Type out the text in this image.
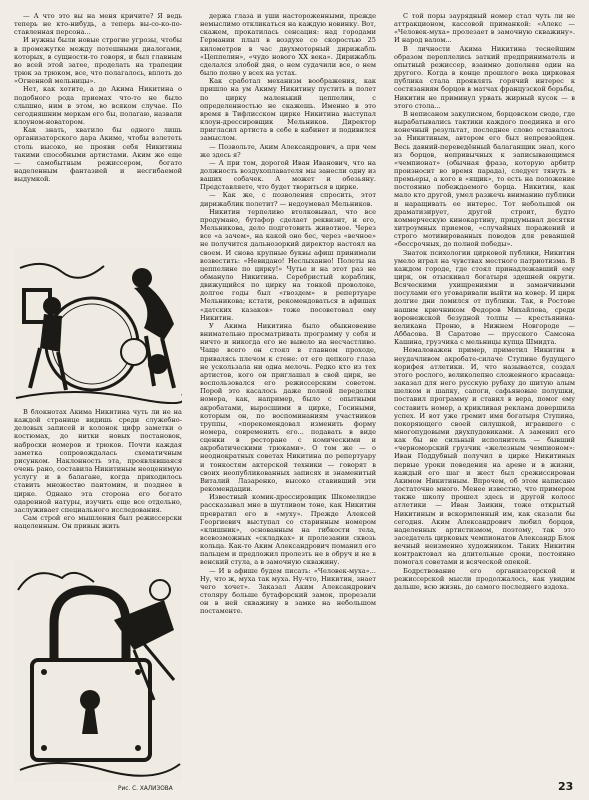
— А что это вы на меня кричите? Я ведь теперь не кто-нибудь, а теперь вы-со-ко-по-ставленная персона...

И нужны были новые строгие угрозы, чтобы в промежутке между потешными диалогами, которых, в сущности-то говоря, и был главным во всей этой затее, проделать на трапеции трюк за трюком, все, что полагалось, вплоть до «Огненной мельницы».

Нет, как хотите, а до Акима Никитина о подобного рода приемах что-то не было слышно, ним в этом, во всяком случае. По сегодняшним меркам его бы, полагаю, назвали клоуном-новатором.

Как знать, хватило бы одного лишь организаторского дара Акиме, чтобы взлететь столь высоко, не прояви себя Никитины такими способными артистами. Аким же еще — самобытным режиссером, богато наделенным фантазией и несгибаемой выдумкой.

В блокнотах Акима Никитина чуть ли не на каждой странице видишь среди служебно-деловых записей и колонок цифр заметки о костюмах, до нитки новых постановок, наброски номеров и трюков. Почти каждая заметка сопровождалась схематичным рисунком. Наклонность эта, проявлявшаяся очень рано, составила Никитиным неоценимую услугу и в балагане, когда приходилось ставить множество пантомим, и позднее в цирке. Однако эта сторона его богато одаренной натуры, изучить еще все отдельно, заслуживает специального исследования.

Сам строй его мышления был режиссерски нацеленным. Он привык жить

держа глаза и уши настороженными, прежде немыслимо откликаться на каждую новинку. Вот, скажем, прокатилась сенсация: над городами Германии плыл в воздухе со скоростью 25 километров в час двухмоторный дирижабль «Цеппелин», «чудо нового XX века». Дирижабль сделался злобой дня, о нем судачили все, о нем было полно у всех на устах.

Как сработал механизм воображения, как пришло на ум Акиму Никитину пустить в полет по цирку маленький цеппелин, с определенностью не скажешь. Именно в это время в Тифлисском цирке Никитина выступал клоун-дрессировщик Мельников. Директор пригласил артиста в себе в кабинет и подивился замыслом.

— Позвольте, Аким Александрович, а при чем же здесь я?

— А при том, дорогой Иван Иванович, что на должность воздухоплавателя мы занесли одну из ваших собачек. А может и обезьяну. Представляете, что будет твориться в цирке.

— Как же, с позволения спросить, этот дирижаблик полетит? — недоумевал Мельников.

Никитин терпеливо втолковывал, что все продумано, бутафор сделает реквизит, и его, Мельникова, дело подготовить животное. Через все «а зачем», на какой оно бес, через «вечное» не получится дальнозоркий директор настоял на своем. И снова крупные буквы афиш принимали возвестить: «Невидано! Неслыханно! Полеты на цеппелине по цирку!» Чутье и на этот раз не обмануло Никитина. Серебристый кораблик, движущийся по цирку на тонкой проволоке, долгое годы был «гвоздем» в репертуаре Мельникова; кстати, рекомендоваться в афишах «датских казаков» тоже посоветовал ему Никитин.

У Акима Никитина было обыкновение внимательно просматривать программу у себя и ничто и никогда его не вывело на несчастливо. Чаще всего он стоял в главном проходе, привалясь плечом к стене: от его цепкого глаза не ускользала ни одна мелочь. Редко кто из тех артистов, кого он приглашал в свой цирк, не воспользовался его режиссерским советом. Порой это касалось даже полной переделки номера, как, например, было с опытными акробатами, выросшими в цирке, Госиными, которым он, по воспоминаниям участников труппы, «порекомендовал изменить форму номера, современить его... подавать в виде сценки в ресторане с комическими и акробатическими трюками». О том же — о неоднократных советах Никитина по репертуару и тонкостям актерской техники — говорят в своих неопубликованных записях и знаменитый Виталий Лазаренко, высоко ставивший эти рекомендации.

Известный комик-дрессировщик Шкомелидзе рассказывал мне в шутливом тоне, как Никитин превратил его в «муху». Прежде Алексей Георгиевич выступал со старинным номером «клишник», основанным на гибкости тела, всевозможных «складках» и пролезании сквозь кольца. Как-то Аким Александрович поманил его пальцем и предложил пролезть не в обруч и не в венский стула, а в замочную скважину.

— И в афише будем писать: «Человек-муха»... Ну, что ж, муха так муха. Ну-что, Никитин, знает чего хочет». Заказал Аким Александрович столяру больше бутафорский замок, прорезали он в ней скважину в замке на небольшом постаменте.

С той поры заурядный номер стал чуть ли не аттракционом, кассовой приманкой: «Алекс — «Человек-муха» пролезает в замочную скважину». И народ валом...

В личности Акима Никитина теснейшим образом переплелись заткий предприниматель и опытный режиссер, взаимно дополняя один на другого. Когда в конце прошлого века цирковая публика стала проявлять горячий интерес к состязаниям борцов в матчах французской борьбы, Никитин не приминул урвать жирный кусок — в этого стола...

В неписаном закулисном, борцовском своде, где вырабатывались тактики каждого поединка и его конечный результат, последнее слово оставалось за Никитиным, автором его был непревзойден. Весь давний-переведённый балаганщик знал, кого из борцов, непривычных к записывающимся «чемпионат» (обычная фраза, которую арбитр произносит во время парада), следует тянуть в премьеры, а кого в «ящик», то есть на положение постоянно побеждаемого борца. Никитин, как мало кто другой, умел разжечь вниманию публики и наращивать ее интерес. Тот небольшой он драматизирует, другой строит, будто коммерческую кинокартину, придумывал десятки хитроумных приемов, «случайных поражений и строго мотивированных поводов для реваншей «бессрочных, до полной победы».

Знаток психологии цирковой публики, Никитин умело играл на чувствах местного патриотизма. В каждом городе, где стоял принадлежавший ему цирк, он отыскивал богатыря здешней округи. Всяческими ухищрениями и заманчивыми посулами его уговаривали выйти на ковер. И цирк долгие дни ломился от публики. Так, в Ростове нашим крючником Федоров Михайлова, среди воронежской безудной толпы — крестьянина-великана Проню, в Нижнем Новгороде — Аббасова. В Саратове — прусского Самсона Кашина, грузчика с мельницы купца Шмидта.

Немаловажен пример, приметил Никитин в неудачливом акробате-силаче Ступине будущего корифея атлетики. И, что называется, создал этого рослого, великолепно сложенного красавца: заказал для него русскую рубаху до шитую алым шелком и шапку, сапоги, сафьяновые полушки, поставил программу и ставил в вера, помог ему составить номер, а крикливая реклама довершила успех. И вот уже гремит имя богатыря Ступина, покоряющего своей силушкой, игравшего с многопудовыми двухпудовиками. А заменил его как бы не сильный исполнитель — бывший «черноморский грузчик «железным чемпионом»: Иван Поддубный получил в цирке Никитиных первые уроки поведения на арене и в жизни, каждый его шаг и жест был срежиссирован Акимом Никитиным. Впрочем, об этом написано достаточно много. Менее известно, что примером также школу прошел здесь и другой колосс атлетики — Иван Заикин, тоже открытый Никитиным и вскормленный им, как сказали бы сегодня. Аким Александрович любил борцов, наделенных артистизмом, поэтому, так это заседатель цирковых чемпионатов Александр Блок вечный неизменно художником. Таких Никитин контрактовал на длительные сроки, постоянно помогал советами и всяческой опекой.

Бодрствование его организаторской и режиссерской мысли продолжалось, как увидим дальше, всю жизнь, до самого последнего вздоха.

Рис. С. ХАЛИЗОВА	23
